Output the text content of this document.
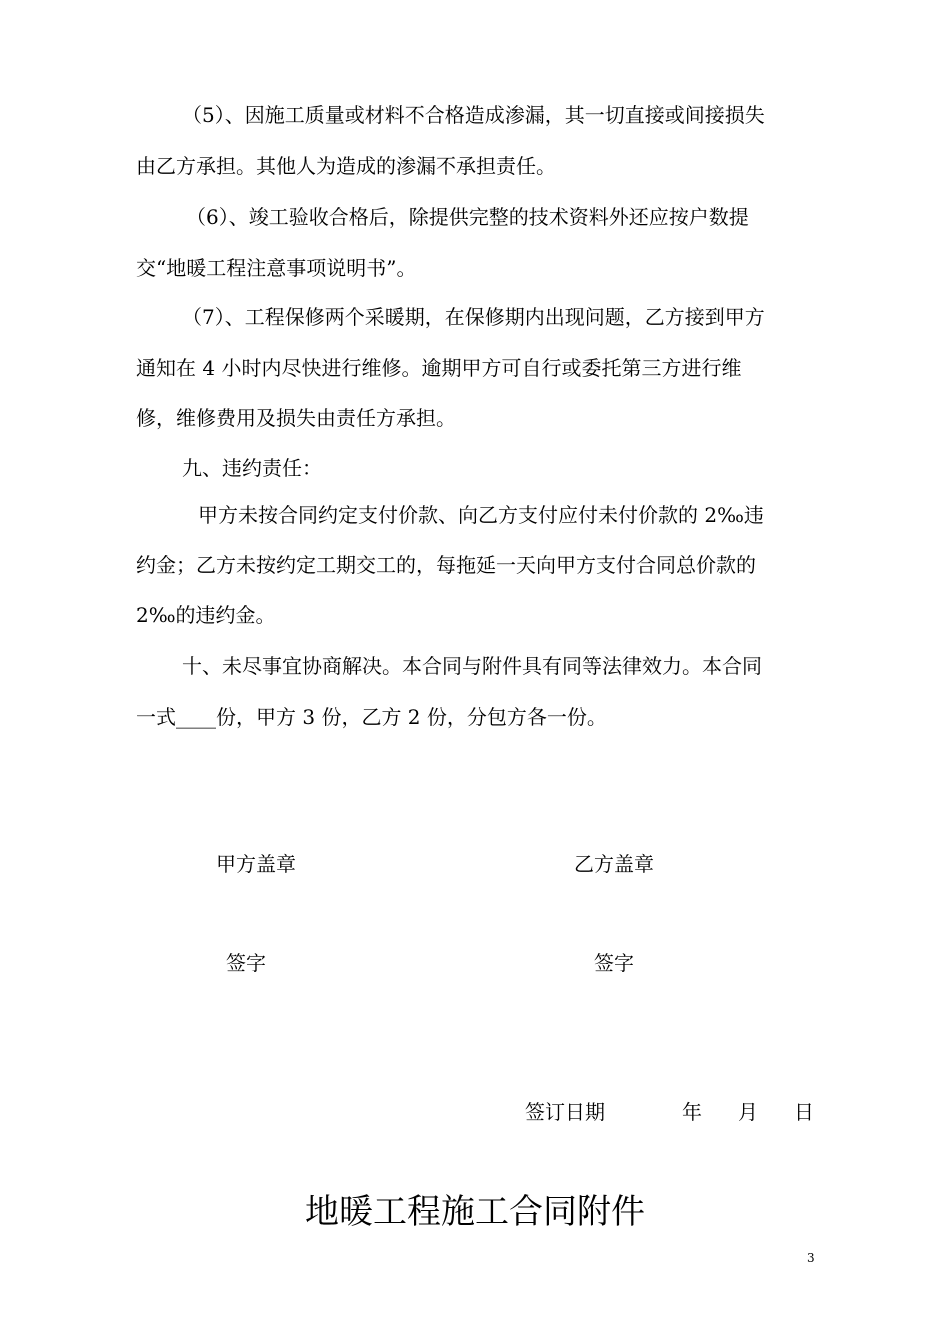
（5）、因施工质量或材料不合格造成渗漏，其一切直接或间接损失
由乙方承担。其他人为造成的渗漏不承担责任。
（6）、竣工验收合格后，除提供完整的技术资料外还应按户数提
交“地暖工程注意事项说明书”。
（7）、工程保修两个采暖期，在保修期内出现问题，乙方接到甲方
通知在 4 小时内尽快进行维修。逾期甲方可自行或委托第三方进行维
修，维修费用及损失由责任方承担。
九、违约责任：
甲方未按合同约定支付价款、向乙方支付应付未付价款的 2‰违
约金；乙方未按约定工期交工的，每拖延一天向甲方支付合同总价款的
2‰的违约金。
十、未尽事宜协商解决。本合同与附件具有同等法律效力。本合同
一式____份，甲方 3 份，乙方 2 份，分包方各一份。
甲方盖章	乙方盖章
签字	签字
签订日期	年 月 日
地暖工程施工合同附件
3
